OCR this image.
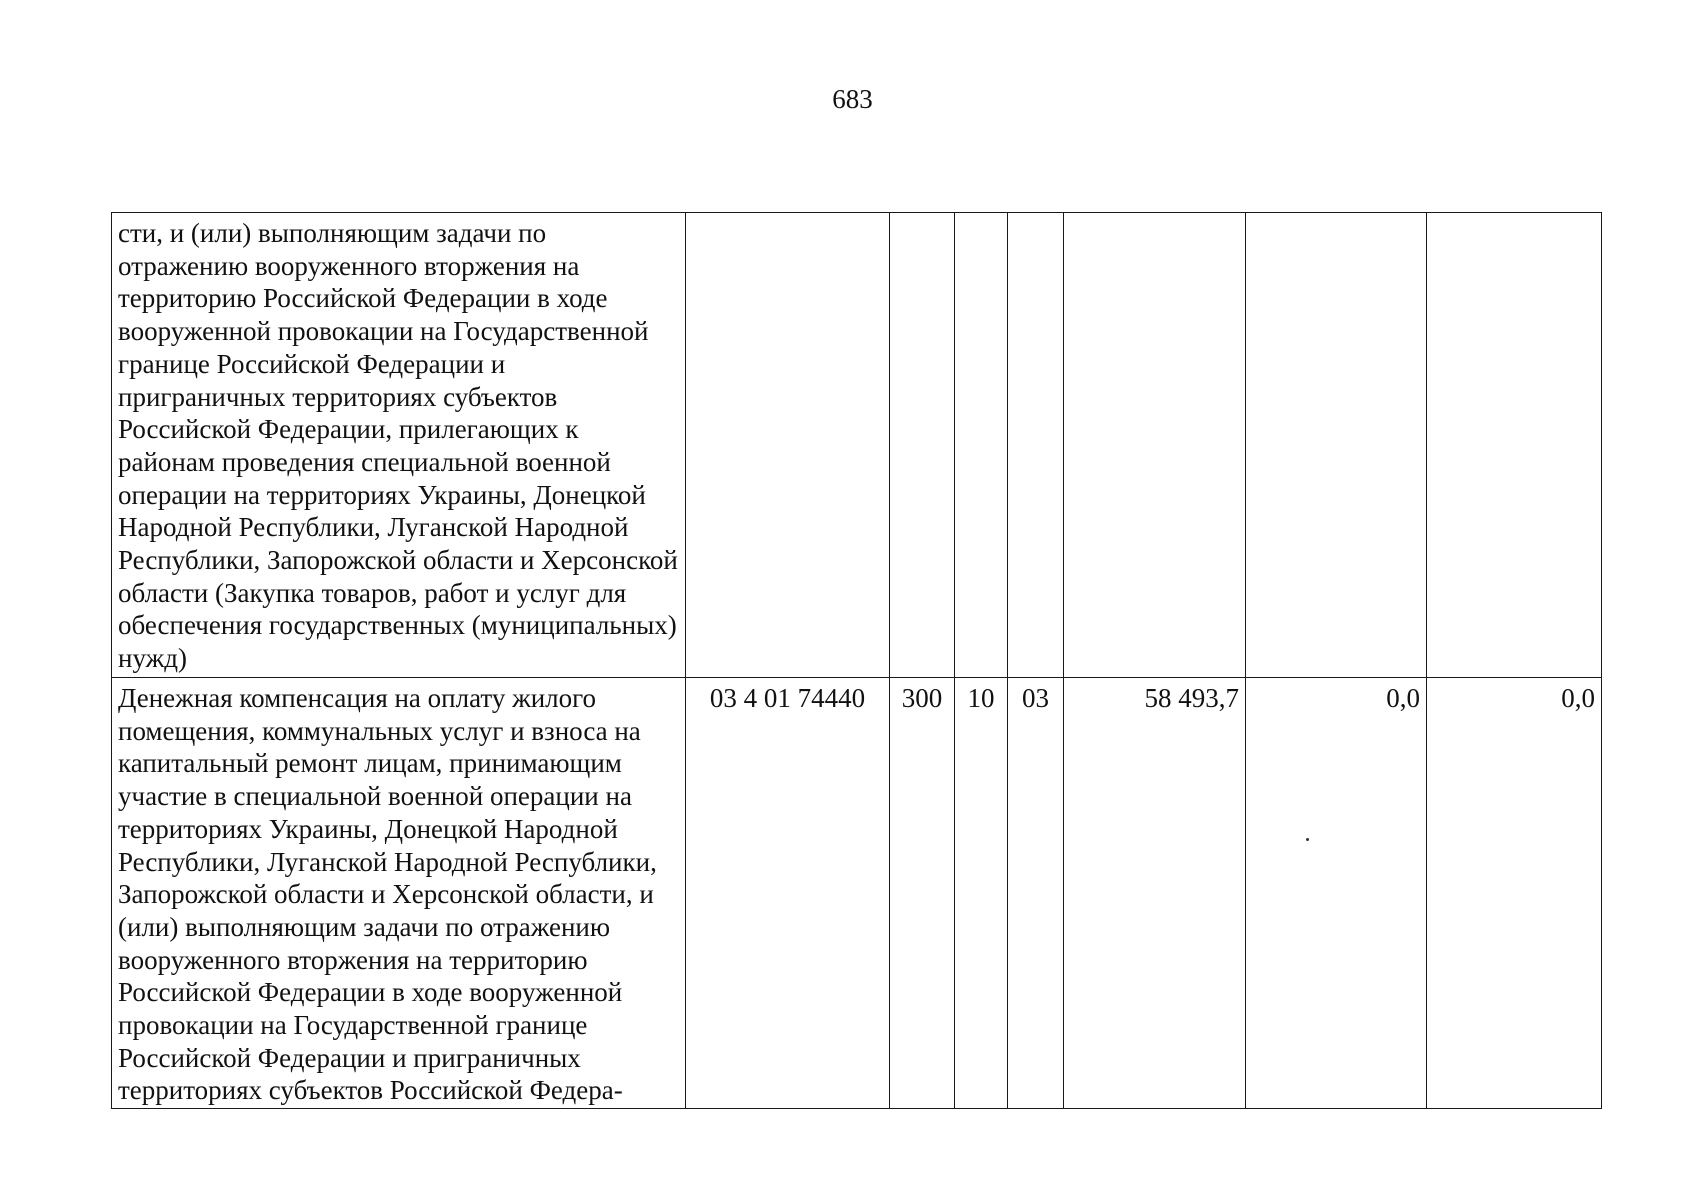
683
сти, и (или) выполняющим задачи по отражению вооруженного вторжения на территорию Российской Федерации в ходе вооруженной провокации на Государственной границе Российской Федерации и приграничных территориях субъектов Российской Федерации, прилегающих к районам проведения специальной военной операции на территориях Украины, Донецкой Народной Республики, Луганской Народной Республики, Запорожской области и Херсонской области (Закупка товаров, работ и услуг для обеспечения государственных (муниципальных) нужд)							
Денежная компенсация на оплату жилого помещения, коммунальных услуг и взноса на капитальный ремонт лицам, принимающим участие в специальной военной операции на территориях Украины, Донецкой Народной Республики, Луганской Народной Республики, Запорожской области и Херсонской области, и (или) выполняющим задачи по отражению вооруженного вторжения на территорию Российской Федерации в ходе вооруженной провокации на Государственной границе Российской Федерации и приграничных территориях субъектов Российской Федера-	03 4 01 74440	300	10	03	58 493,7	0,0	0,0
